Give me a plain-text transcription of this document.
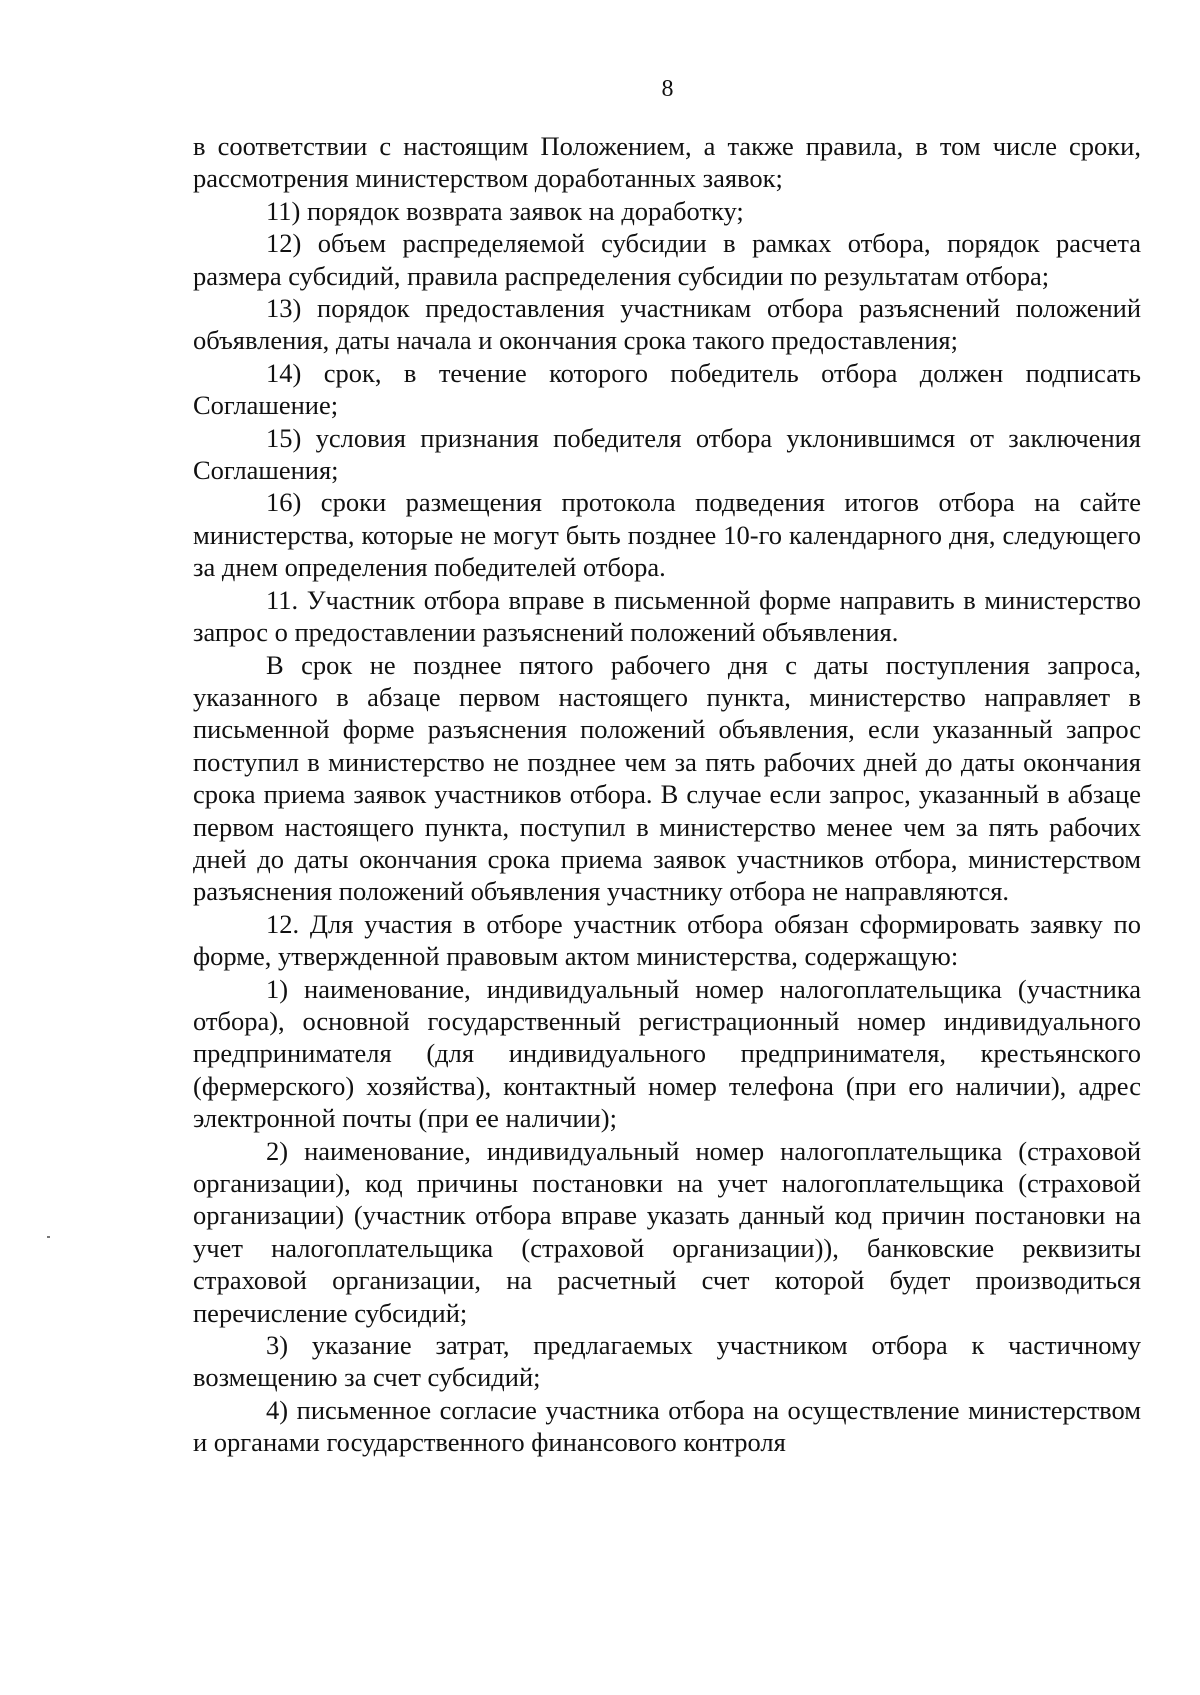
8

в соответствии с настоящим Положением, а также правила, в том числе сроки, рассмотрения министерством доработанных заявок;

11) порядок возврата заявок на доработку;

12) объем распределяемой субсидии в рамках отбора, порядок расчета размера субсидий, правила распределения субсидии по результатам отбора;

13) порядок предоставления участникам отбора разъяснений положений объявления, даты начала и окончания срока такого предоставления;

14) срок, в течение которого победитель отбора должен подписать Соглашение;

15) условия признания победителя отбора уклонившимся от заключения Соглашения;

16) сроки размещения протокола подведения итогов отбора на сайте министерства, которые не могут быть позднее 10-го календарного дня, следующего за днем определения победителей отбора.

11. Участник отбора вправе в письменной форме направить в министерство запрос о предоставлении разъяснений положений объявления.

В срок не позднее пятого рабочего дня с даты поступления запроса, указанного в абзаце первом настоящего пункта, министерство направляет в письменной форме разъяснения положений объявления, если указанный запрос поступил в министерство не позднее чем за пять рабочих дней до даты окончания срока приема заявок участников отбора. В случае если запрос, указанный в абзаце первом настоящего пункта, поступил в министерство менее чем за пять рабочих дней до даты окончания срока приема заявок участников отбора, министерством разъяснения положений объявления участнику отбора не направляются.

12. Для участия в отборе участник отбора обязан сформировать заявку по форме, утвержденной правовым актом министерства, содержащую:

1) наименование, индивидуальный номер налогоплательщика (участника отбора), основной государственный регистрационный номер индивидуального предпринимателя (для индивидуального предпринимателя, крестьянского (фермерского) хозяйства), контактный номер телефона (при его наличии), адрес электронной почты (при ее наличии);

2) наименование, индивидуальный номер налогоплательщика (страховой организации), код причины постановки на учет налогоплательщика (страховой организации) (участник отбора вправе указать данный код причин постановки на учет налогоплательщика (страховой организации)), банковские реквизиты страховой организации, на расчетный счет которой будет производиться перечисление субсидий;

3) указание затрат, предлагаемых участником отбора к частичному возмещению за счет субсидий;

4) письменное согласие участника отбора на осуществление министерством и органами государственного финансового контроля
